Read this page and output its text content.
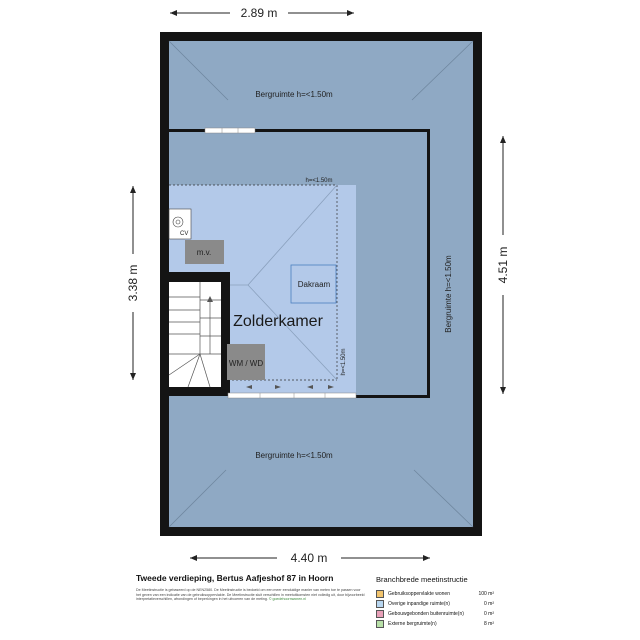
2.89 m
4.40 m
3.38 m	4.51 m
CV
m.v.
WM / WD
Dakraam
Bergruimte h=<1.50m
Bergruimte h=<1.50m
Bergruimte h=<1.50m
Zolderkamer
h=<1.50m
h=<1.50m
Tweede verdieping, Bertus Aafjeshof 87 in Hoorn
De Meetinstructie is gebaseerd op de NEN2580. De Meetinstructie is bedoeld om een meer eenduidige manier van meten toe te passen voor het geven van een indicatie van de gebruiksoppervlakte. De Meetinstructie sluit verschillen in meetuitkomsten niet volledig uit, door bijvoorbeeld interpretatieverschillen, afrondingen of beperkingen in het uitvoeren van de meting. © goedehoornwonen.nl
Branchbrede meetinstructie
Gebruiksoppervlakte wonen	100 m²
Overige inpandige ruimte(n)	0 m²
Gebouwgebonden buitenruimte(n)	0 m²
Externe bergruimte(n)	8 m²
